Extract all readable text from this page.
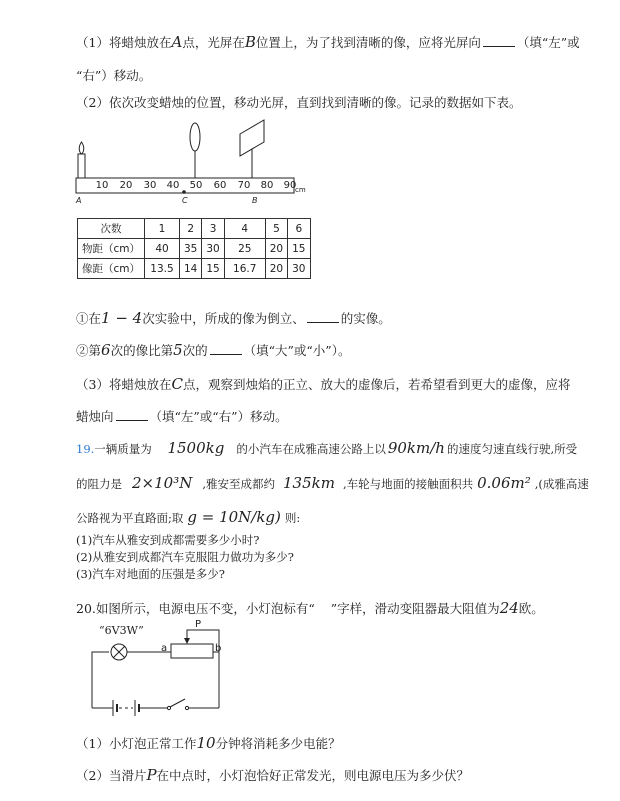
（1）将蜡烛放在A点，光屏在B位置上，为了找到清晰的像，应将光屏向	（填“左”或
“右”）移动。
（2）依次改变蜡烛的位置，移动光屏，直到找到清晰的像。记录的数据如下表。
10 20 30 40 50 60 70 80 90
cm
A	C	B
次数	1	2	3	4	5	6
物距（cm）	40	35	30	25	20	15
像距（cm）	13.5	14	15	16.7	20	30
①在1 − 4次实验中，所成的像为倒立、	的实像。
②第6次的像比第5次的	（填“大”或“小”）。
（3）将蜡烛放在C点，观察到烛焰的正立、放大的虚像后，若希望看到更大的虚像，应将
蜡烛向	（填“左”或“右”）移动。
19.一辆质量为 1500kg 的小汽车在成雅高速公路上以 90km/h 的速度匀速直线行驶,所受
的阻力是 2×10³N ,雅安至成都约 135km ,车轮与地面的接触面积共 0.06m² ,(成雅高速
公路视为平直路面;取 g = 10N/kg) 则:
(1)汽车从雅安到成都需要多少小时?
(2)从雅安到成都汽车克服阻力做功为多少?
(3)汽车对地面的压强是多少?
20.如图所示，电源电压不变，小灯泡标有“ ”字样，滑动变阻器最大阻值为24欧。
“6V3W”
a	b
P
（1）小灯泡正常工作10分钟将消耗多少电能？
（2）当滑片P在中点时，小灯泡恰好正常发光，则电源电压为多少伏？
